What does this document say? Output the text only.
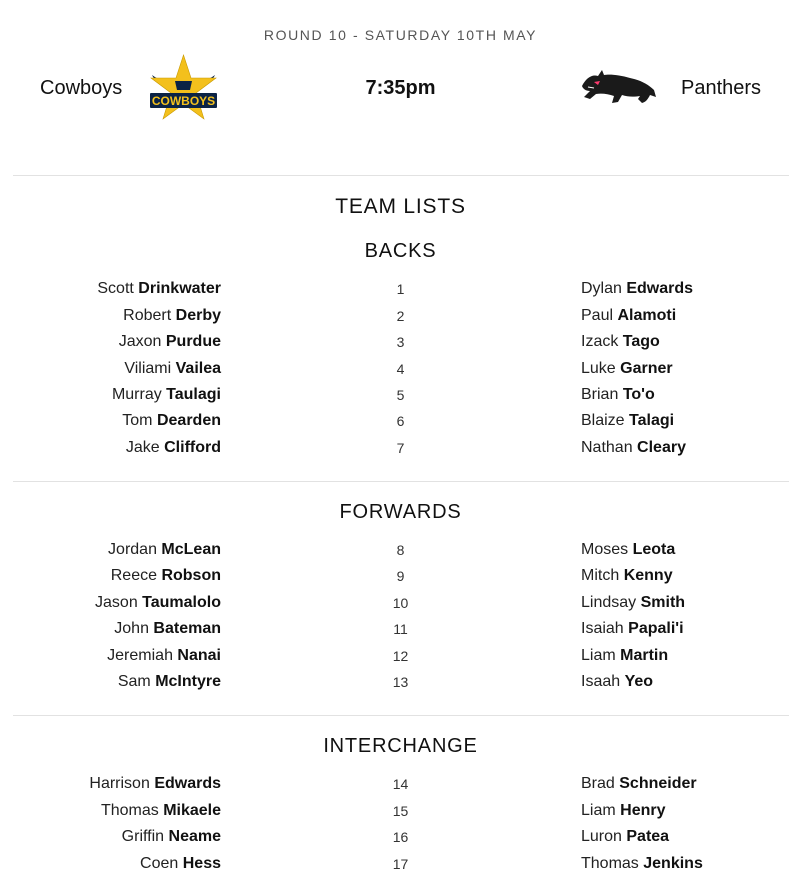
ROUND 10 - SATURDAY 10TH MAY
Cowboys
COWBOYS
7:35pm	Panthers
TEAM LISTS
BACKS
Scott Drinkwater	1	Dylan Edwards
Robert Derby	2	Paul Alamoti
Jaxon Purdue	3	Izack Tago
Viliami Vailea	4	Luke Garner
Murray Taulagi	5	Brian To'o
Tom Dearden	6	Blaize Talagi
Jake Clifford	7	Nathan Cleary
FORWARDS
Jordan McLean	8	Moses Leota
Reece Robson	9	Mitch Kenny
Jason Taumalolo	10	Lindsay Smith
John Bateman	11	Isaiah Papali'i
Jeremiah Nanai	12	Liam Martin
Sam McIntyre	13	Isaah Yeo
INTERCHANGE
Harrison Edwards	14	Brad Schneider
Thomas Mikaele	15	Liam Henry
Griffin Neame	16	Luron Patea
Coen Hess	17	Thomas Jenkins
